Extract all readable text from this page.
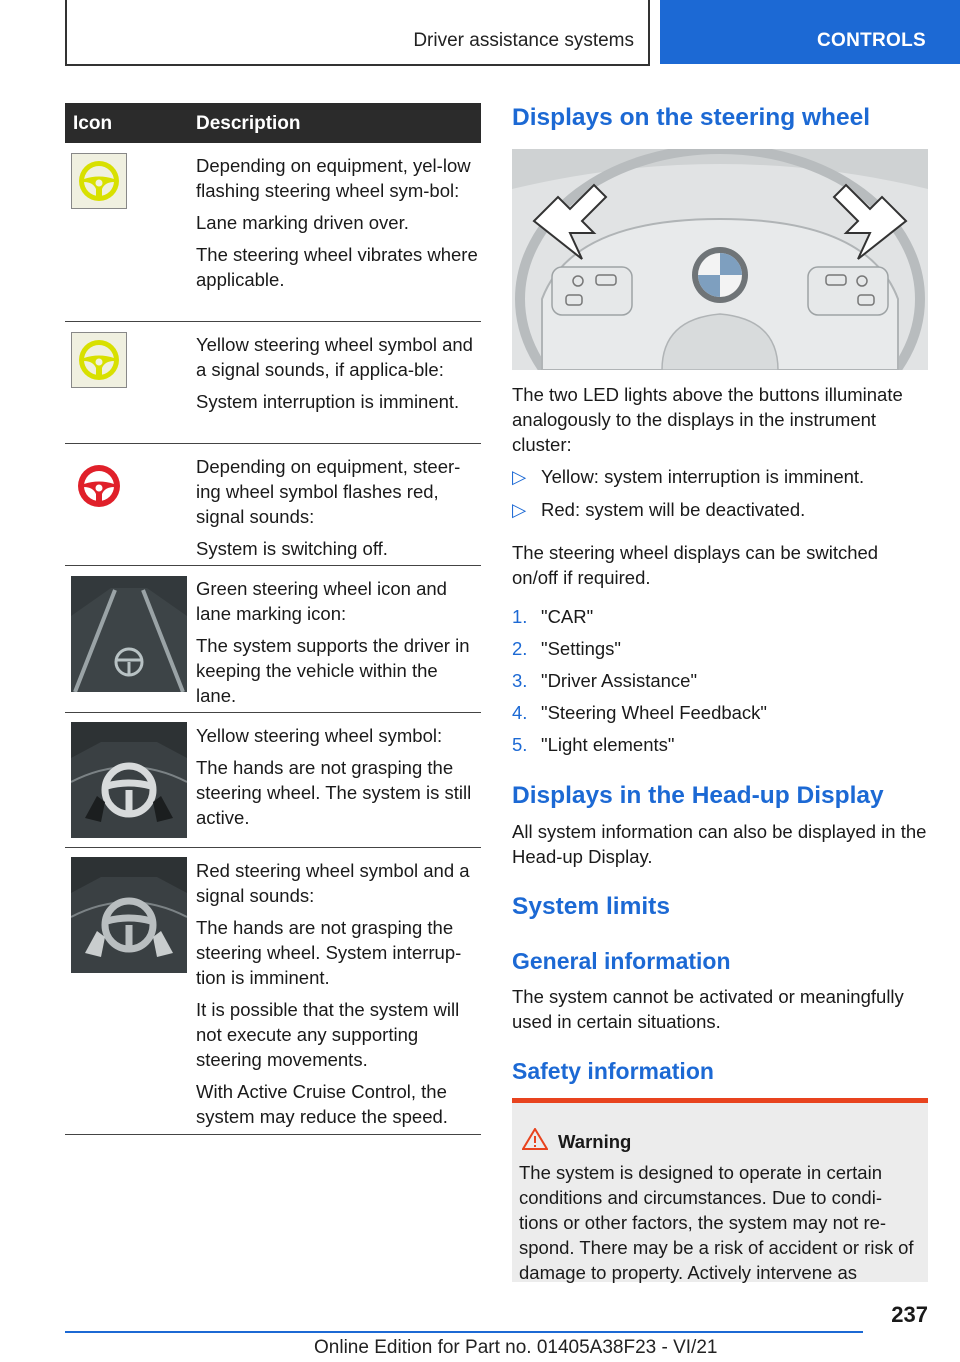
Driver assistance systems	CONTROLS
Icon	Description

Depending on equipment, yel-low flashing steering wheel sym-bol:

Lane marking driven over.

The steering wheel vibrates where applicable.

Yellow steering wheel symbol and a signal sounds, if applica-ble:

System interruption is imminent.

Depending on equipment, steer-ing wheel symbol flashes red, signal sounds:

System is switching off.

Green steering wheel icon and lane marking icon:

The system supports the driver in keeping the vehicle within the lane.

Yellow steering wheel symbol:

The hands are not grasping the steering wheel. The system is still active.

Red steering wheel symbol and a signal sounds:

The hands are not grasping the steering wheel. System interrup-tion is imminent.

It is possible that the system will not execute any supporting steering movements.

With Active Cruise Control, the system may reduce the speed.

Displays on the steering wheel
The two LED lights above the buttons illuminate analogously to the displays in the instrument cluster:
▷ Yellow: system interruption is imminent.
▷ Red: system will be deactivated.
The steering wheel displays can be switched on/off if required.
1. "CAR"
2. "Settings"
3. "Driver Assistance"
4. "Steering Wheel Feedback"
5. "Light elements"
Displays in the Head-up Display
All system information can also be displayed in the Head-up Display.
System limits
General information
The system cannot be activated or meaningfully used in certain situations.
Safety information
Warning
The system is designed to operate in certain conditions and circumstances. Due to condi-tions or other factors, the system may not re-spond. There may be a risk of accident or risk of damage to property. Actively intervene as
237
Online Edition for Part no. 01405A38F23 - VI/21
